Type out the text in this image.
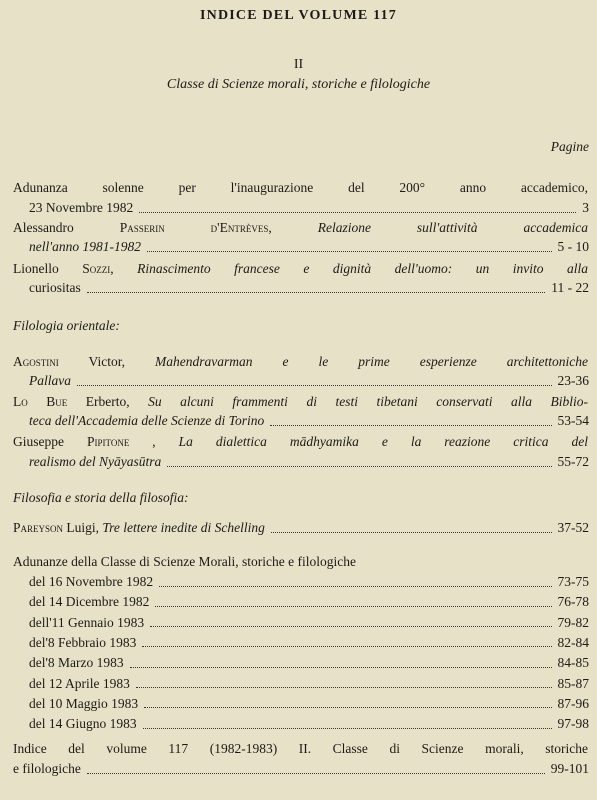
INDICE DEL VOLUME 117
II
Classe di Scienze morali, storiche e filologiche
Pagine
Adunanza solenne per l'inaugurazione del 200° anno accademico,
23 Novembre 1982	3
Alessandro Passerin d'Entrèves, Relazione sull'attività accademica
nell'anno 1981-1982	5 - 10
Lionello Sozzi, Rinascimento francese e dignità dell'uomo: un invito alla
curiositas	11 - 22
Filologia orientale:
Agostini Victor, Mahendravarman e le prime esperienze architettoniche
Pallava	23-36
Lo Bue Erberto, Su alcuni frammenti di testi tibetani conservati alla Biblio-
teca dell'Accademia delle Scienze di Torino	53-54
Giuseppe Pipitone , La dialettica mādhyamika e la reazione critica del
realismo del Nyāyasūtra	55-72
Filosofia e storia della filosofia:
Pareyson Luigi, Tre lettere inedite di Schelling	37-52
Adunanze della Classe di Scienze Morali, storiche e filologiche
del 16 Novembre 1982	73-75
del 14 Dicembre 1982	76-78
dell'11 Gennaio 1983	79-82
del'8 Febbraio 1983	82-84
del'8 Marzo 1983	84-85
del 12 Aprile 1983	85-87
del 10 Maggio 1983	87-96
del 14 Giugno 1983	97-98
Indice del volume 117 (1982-1983) II. Classe di Scienze morali, storiche
e filologiche	99-101
